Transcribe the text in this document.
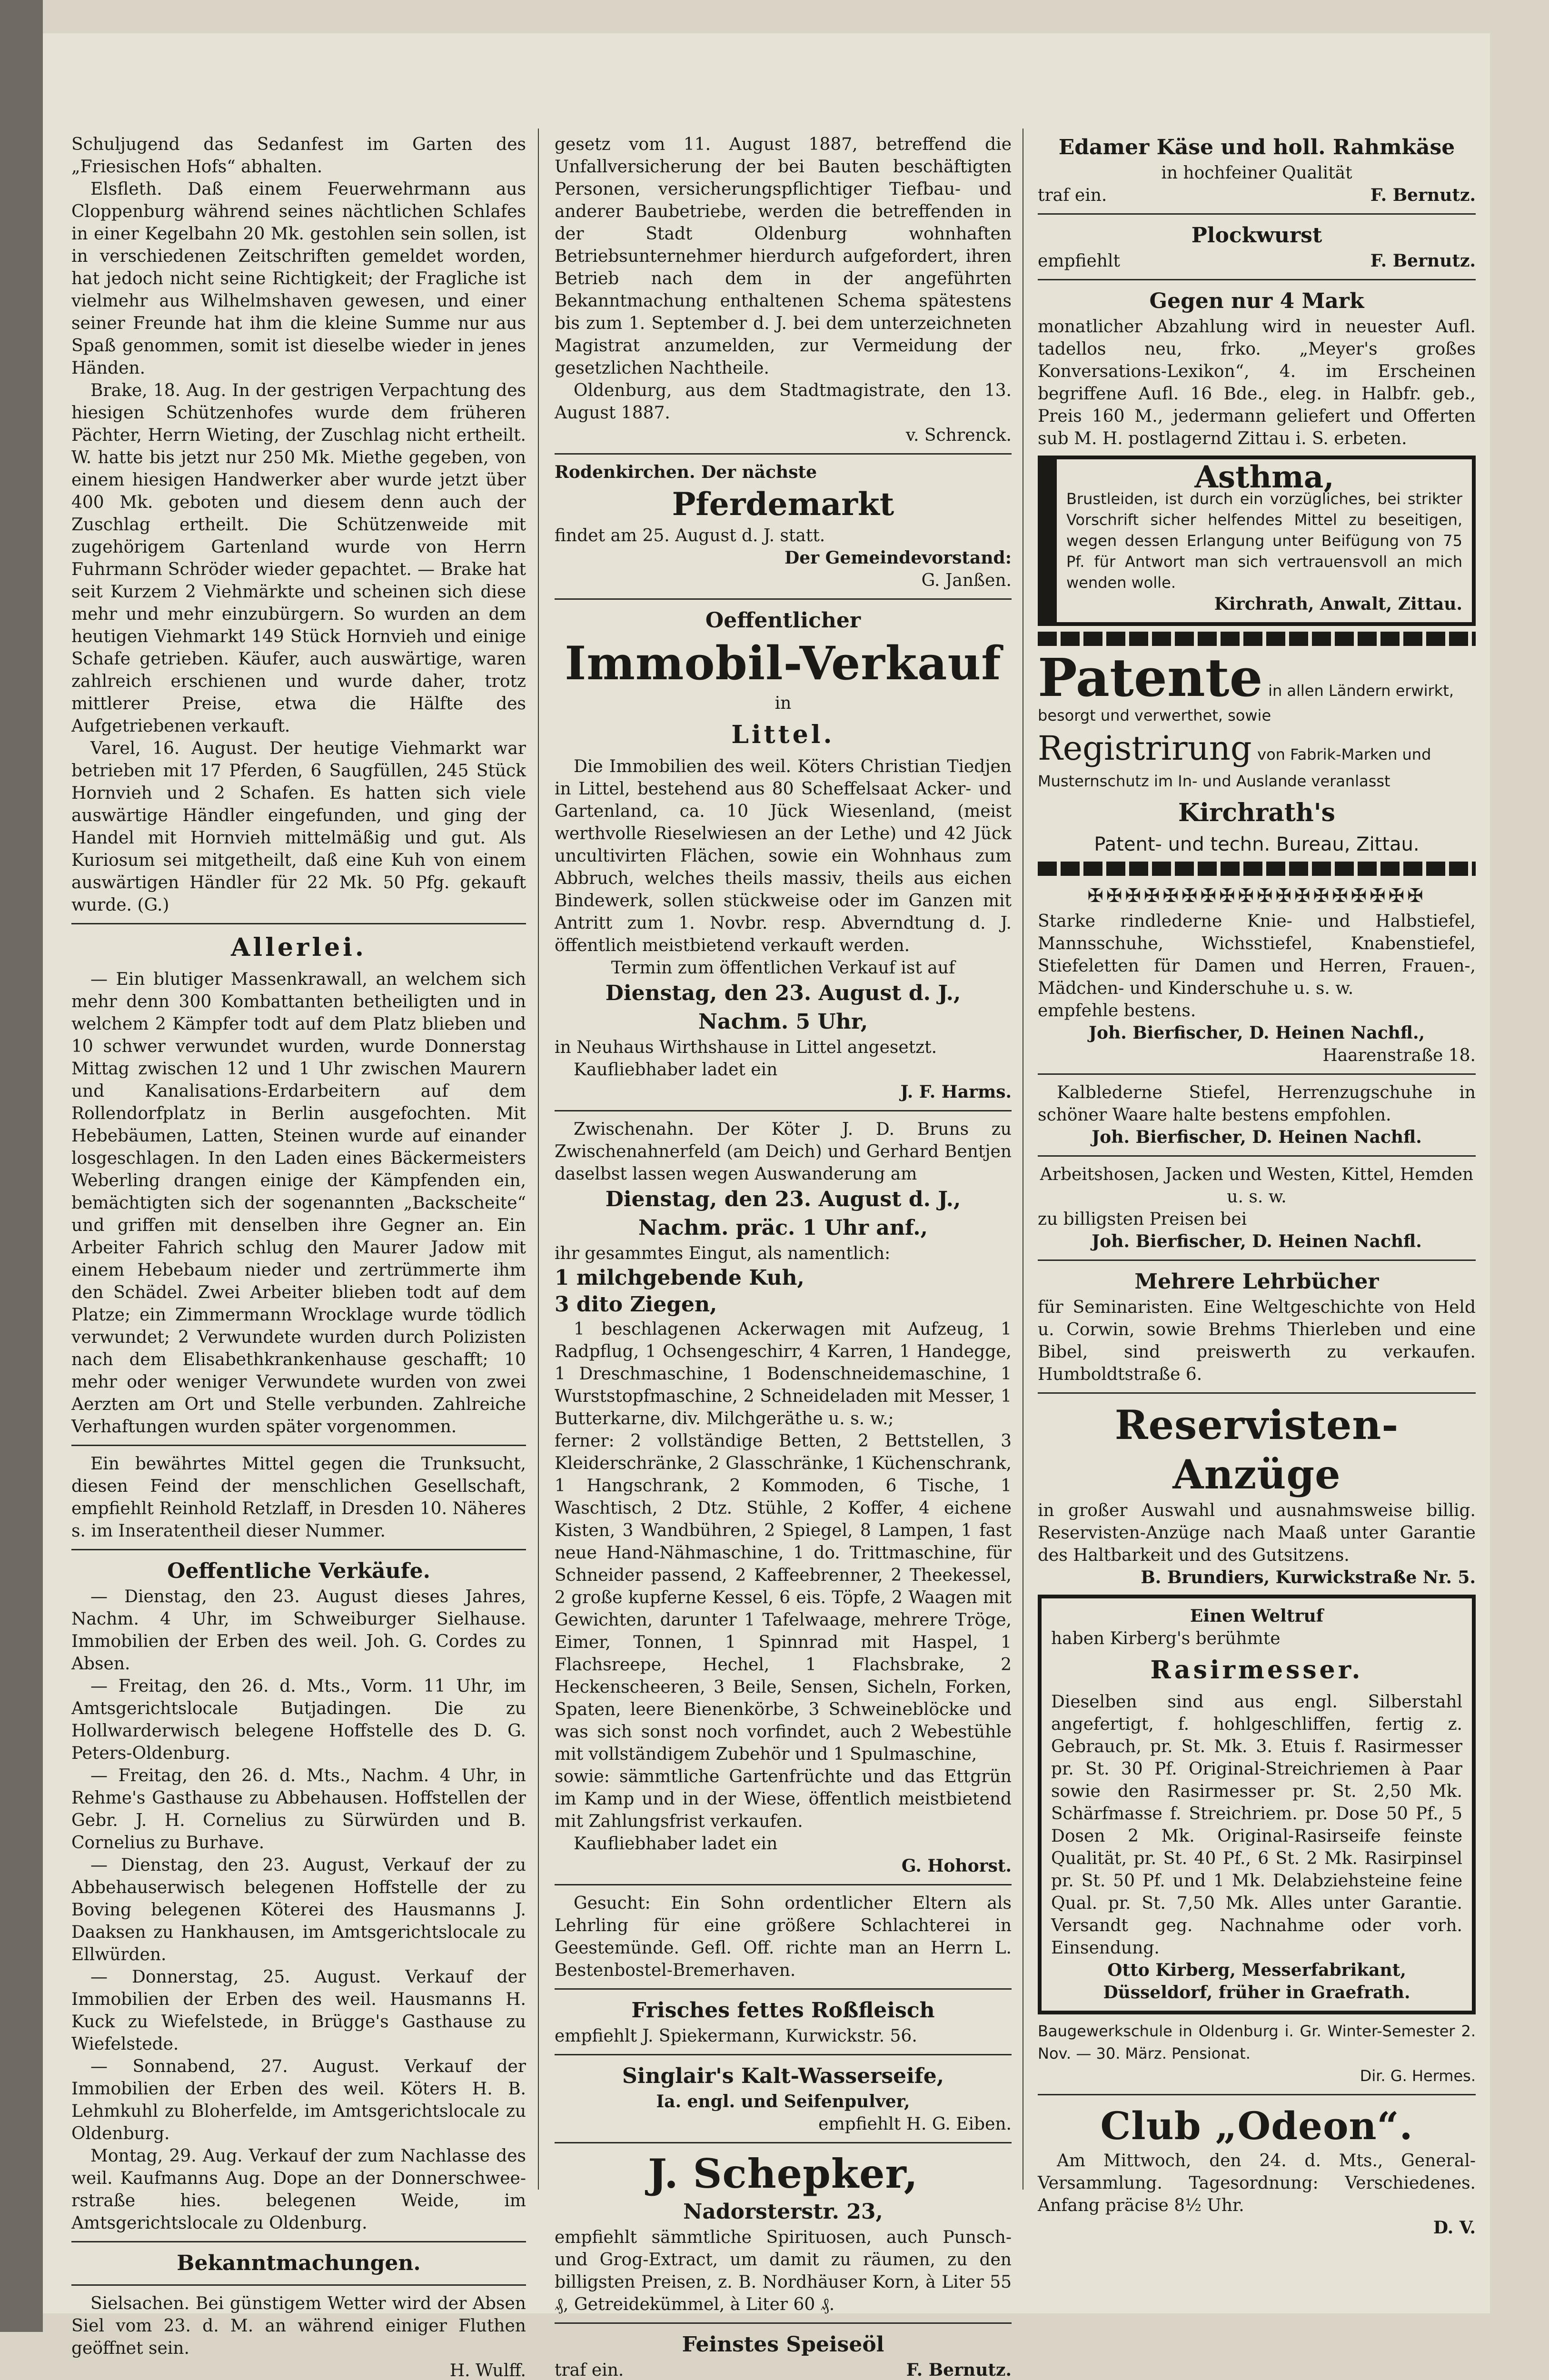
Schuljugend das Sedanfest im Garten des „Friesischen Hofs“ abhalten.

Elsfleth. Daß einem Feuerwehrmann aus Cloppenburg während seines nächtlichen Schlafes in einer Kegelbahn 20 Mk. gestohlen sein sollen, ist in verschiedenen Zeitschriften gemeldet worden, hat jedoch nicht seine Richtigkeit; der Fragliche ist vielmehr aus Wilhelmshaven gewesen, und einer seiner Freunde hat ihm die kleine Summe nur aus Spaß genommen, somit ist dieselbe wieder in jenes Händen.

Brake, 18. Aug. In der gestrigen Verpachtung des hiesigen Schützenhofes wurde dem früheren Pächter, Herrn Wieting, der Zuschlag nicht ertheilt. W. hatte bis jetzt nur 250 Mk. Miethe gegeben, von einem hiesigen Handwerker aber wurde jetzt über 400 Mk. geboten und diesem denn auch der Zuschlag ertheilt. Die Schützenweide mit zugehörigem Gartenland wurde von Herrn Fuhrmann Schröder wieder gepachtet. — Brake hat seit Kurzem 2 Viehmärkte und scheinen sich diese mehr und mehr einzubürgern. So wurden an dem heutigen Viehmarkt 149 Stück Hornvieh und einige Schafe getrieben. Käufer, auch auswärtige, waren zahlreich erschienen und wurde daher, trotz mittlerer Preise, etwa die Hälfte des Aufgetriebenen verkauft.

Varel, 16. August. Der heutige Viehmarkt war betrieben mit 17 Pferden, 6 Saugfüllen, 245 Stück Hornvieh und 2 Schafen. Es hatten sich viele auswärtige Händler eingefunden, und ging der Handel mit Hornvieh mittelmäßig und gut. Als Kuriosum sei mitgetheilt, daß eine Kuh von einem auswärtigen Händler für 22 Mk. 50 Pfg. gekauft wurde. (G.)

Allerlei.

— Ein blutiger Massenkrawall, an welchem sich mehr denn 300 Kombattanten betheiligten und in welchem 2 Kämpfer todt auf dem Platz blieben und 10 schwer verwundet wurden, wurde Donnerstag Mittag zwischen 12 und 1 Uhr zwischen Maurern und Kanalisations-Erdarbeitern auf dem Rollendorfplatz in Berlin ausgefochten. Mit Hebebäumen, Latten, Steinen wurde auf einander losgeschlagen. In den Laden eines Bäckermeisters Weberling drangen einige der Kämpfenden ein, bemächtigten sich der sogenannten „Backscheite“ und griffen mit denselben ihre Gegner an. Ein Arbeiter Fahrich schlug den Maurer Jadow mit einem Hebebaum nieder und zertrümmerte ihm den Schädel. Zwei Arbeiter blieben todt auf dem Platze; ein Zimmermann Wrocklage wurde tödlich verwundet; 2 Verwundete wurden durch Polizisten nach dem Elisabethkrankenhause geschafft; 10 mehr oder weniger Verwundete wurden von zwei Aerzten am Ort und Stelle verbunden. Zahlreiche Verhaftungen wurden später vorgenommen.

Ein bewährtes Mittel gegen die Trunksucht, diesen Feind der menschlichen Gesellschaft, empfiehlt Reinhold Retzlaff, in Dresden 10. Näheres s. im Inseratentheil dieser Nummer.

Oeffentliche Verkäufe.

— Dienstag, den 23. August dieses Jahres, Nachm. 4 Uhr, im Schweiburger Sielhause. Immobilien der Erben des weil. Joh. G. Cordes zu Absen.

— Freitag, den 26. d. Mts., Vorm. 11 Uhr, im Amtsgerichtslocale Butjadingen. Die zu Hollwarderwisch belegene Hoffstelle des D. G. Peters-Oldenburg.

— Freitag, den 26. d. Mts., Nachm. 4 Uhr, in Rehme's Gasthause zu Abbehausen. Hoffstellen der Gebr. J. H. Cornelius zu Sürwürden und B. Cornelius zu Burhave.

— Dienstag, den 23. August, Verkauf der zu Abbehauserwisch belegenen Hoffstelle der zu Boving belegenen Köterei des Hausmanns J. Daaksen zu Hankhausen, im Amtsgerichtslocale zu Ellwürden.

— Donnerstag, 25. August. Verkauf der Immobilien der Erben des weil. Hausmanns H. Kuck zu Wiefelstede, in Brügge's Gasthause zu Wiefelstede.

— Sonnabend, 27. August. Verkauf der Immobilien der Erben des weil. Köters H. B. Lehmkuhl zu Bloherfelde, im Amtsgerichtslocale zu Oldenburg.

Montag, 29. Aug. Verkauf der zum Nachlasse des weil. Kaufmanns Aug. Dope an der Donnerschweerstraße hies. belegenen Weide, im Amtsgerichtslocale zu Oldenburg.

Bekanntmachungen.

Sielsachen. Bei günstigem Wetter wird der Absen Siel vom 23. d. M. an während einiger Fluthen geöffnet sein.

H. Wulff.

gesetz vom 11. August 1887, betreffend die Unfallversicherung der bei Bauten beschäftigten Personen, versicherungspflichtiger Tiefbau- und anderer Baubetriebe, werden die betreffenden in der Stadt Oldenburg wohnhaften Betriebsunternehmer hierdurch aufgefordert, ihren Betrieb nach dem in der angeführten Bekanntmachung enthaltenen Schema spätestens bis zum 1. September d. J. bei dem unterzeichneten Magistrat anzumelden, zur Vermeidung der gesetzlichen Nachtheile.

Oldenburg, aus dem Stadtmagistrate, den 13. August 1887.

v. Schrenck.

Rodenkirchen. Der nächste

Pferdemarkt

findet am 25. August d. J. statt.

Der Gemeindevorstand:

G. Janßen.

Oeffentlicher
Immobil-Verkauf

in

Littel.

Die Immobilien des weil. Köters Christian Tiedjen in Littel, bestehend aus 80 Scheffelsaat Acker- und Gartenland, ca. 10 Jück Wiesenland, (meist werthvolle Rieselwiesen an der Lethe) und 42 Jück uncultivirten Flächen, sowie ein Wohnhaus zum Abbruch, welches theils massiv, theils aus eichen Bindewerk, sollen stückweise oder im Ganzen mit Antritt zum 1. Novbr. resp. Abverndtung d. J. öffentlich meistbietend verkauft werden.

Termin zum öffentlichen Verkauf ist auf

Dienstag, den 23. August d. J.,
Nachm. 5 Uhr,

in Neuhaus Wirthshause in Littel angesetzt.

Kaufliebhaber ladet ein

J. F. Harms.

Zwischenahn. Der Köter J. D. Bruns zu Zwischenahnerfeld (am Deich) und Gerhard Bentjen daselbst lassen wegen Auswanderung am

Dienstag, den 23. August d. J.,
Nachm. präc. 1 Uhr anf.,

ihr gesammtes Eingut, als namentlich:

1 milchgebende Kuh,

3 dito Ziegen,

1 beschlagenen Ackerwagen mit Aufzeug, 1 Radpflug, 1 Ochsengeschirr, 4 Karren, 1 Handegge, 1 Dreschmaschine, 1 Bodenschneidemaschine, 1 Wurststopfmaschine, 2 Schneideladen mit Messer, 1 Butterkarne, div. Milchgeräthe u. s. w.;

ferner: 2 vollständige Betten, 2 Bettstellen, 3 Kleiderschränke, 2 Glasschränke, 1 Küchenschrank, 1 Hangschrank, 2 Kommoden, 6 Tische, 1 Waschtisch, 2 Dtz. Stühle, 2 Koffer, 4 eichene Kisten, 3 Wandbühren, 2 Spiegel, 8 Lampen, 1 fast neue Hand-Nähmaschine, 1 do. Trittmaschine, für Schneider passend, 2 Kaffeebrenner, 2 Theekessel, 2 große kupferne Kessel, 6 eis. Töpfe, 2 Waagen mit Gewichten, darunter 1 Tafelwaage, mehrere Tröge, Eimer, Tonnen, 1 Spinnrad mit Haspel, 1 Flachsreepe, Hechel, 1 Flachsbrake, 2 Heckenscheeren, 3 Beile, Sensen, Sicheln, Forken, Spaten, leere Bienenkörbe, 3 Schweineblöcke und was sich sonst noch vorfindet, auch 2 Webestühle mit vollständigem Zubehör und 1 Spulmaschine,

sowie: sämmtliche Gartenfrüchte und das Ettgrün im Kamp und in der Wiese, öffentlich meistbietend mit Zahlungsfrist verkaufen.

Kaufliebhaber ladet ein

G. Hohorst.

Gesucht: Ein Sohn ordentlicher Eltern als Lehrling für eine größere Schlachterei in Geestemünde. Gefl. Off. richte man an Herrn L. Bestenbostel-Bremerhaven.

Frisches fettes Roßfleisch

empfiehlt J. Spiekermann, Kurwickstr. 56.

Singlair's Kalt-Wasserseife,

Ia. engl. und Seifenpulver,

empfiehlt H. G. Eiben.

J. Schepker,
Nadorsterstr. 23,

empfiehlt sämmtliche Spirituosen, auch Punsch- und Grog-Extract, um damit zu räumen, zu den billigsten Preisen, z. B. Nordhäuser Korn, à Liter 55 ₰, Getreidekümmel, à Liter 60 ₰.

Feinstes Speiseöl

traf ein.	F. Bernutz.

Edamer Käse und holl. Rahmkäse

in hochfeiner Qualität

traf ein.	F. Bernutz.

Plockwurst

empfiehlt	F. Bernutz.

Gegen nur 4 Mark

monatlicher Abzahlung wird in neuester Aufl. tadellos neu, frko. „Meyer's großes Konversations-Lexikon“, 4. im Erscheinen begriffene Aufl. 16 Bde., eleg. in Halbfr. geb., Preis 160 M., jedermann geliefert und Offerten sub M. H. postlagernd Zittau i. S. erbeten.

Asthma,

Brustleiden, ist durch ein vorzügliches, bei strikter Vorschrift sicher helfendes Mittel zu beseitigen, wegen dessen Erlangung unter Beifügung von 75 Pf. für Antwort man sich vertrauensvoll an mich wenden wolle.

Kirchrath, Anwalt, Zittau.

Patente in allen Ländern erwirkt, besorgt und verwerthet, sowie
Registrirung von Fabrik-Marken und Musternschutz im In- und Auslande veranlasst
Kirchrath's

Patent- und techn. Bureau, Zittau.

✠✠✠✠✠✠✠✠✠✠✠✠✠✠✠✠✠✠

Starke rindlederne Knie- und Halbstiefel, Mannsschuhe, Wichsstiefel, Knabenstiefel, Stiefeletten für Damen und Herren, Frauen-, Mädchen- und Kinderschuhe u. s. w.

empfehle bestens.

Joh. Bierfischer, D. Heinen Nachfl.,

Haarenstraße 18.

Kalblederne Stiefel, Herrenzugschuhe in schöner Waare halte bestens empfohlen.

Joh. Bierfischer, D. Heinen Nachfl.

Arbeitshosen, Jacken und Westen, Kittel, Hemden u. s. w.

zu billigsten Preisen bei

Joh. Bierfischer, D. Heinen Nachfl.

Mehrere Lehrbücher

für Seminaristen. Eine Weltgeschichte von Held u. Corwin, sowie Brehms Thierleben und eine Bibel, sind preiswerth zu verkaufen. Humboldtstraße 6.

Reservisten-Anzüge

in großer Auswahl und ausnahmsweise billig. Reservisten-Anzüge nach Maaß unter Garantie des Haltbarkeit und des Gutsitzens.

B. Brundiers, Kurwickstraße Nr. 5.

Einen Weltruf

haben Kirberg's berühmte

Rasirmesser.

Dieselben sind aus engl. Silberstahl angefertigt, f. hohlgeschliffen, fertig z. Gebrauch, pr. St. Mk. 3. Etuis f. Rasirmesser pr. St. 30 Pf. Original-Streichriemen à Paar sowie den Rasirmesser pr. St. 2,50 Mk. Schärfmasse f. Streichriem. pr. Dose 50 Pf., 5 Dosen 2 Mk. Original-Rasirseife feinste Qualität, pr. St. 40 Pf., 6 St. 2 Mk. Rasirpinsel pr. St. 50 Pf. und 1 Mk. Delabziehsteine feine Qual. pr. St. 7,50 Mk. Alles unter Garantie. Versandt geg. Nachnahme oder vorh. Einsendung.

Otto Kirberg, Messerfabrikant,

Düsseldorf, früher in Graefrath.

Baugewerkschule in Oldenburg i. Gr. Winter-Semester 2. Nov. — 30. März. Pensionat.

Dir. G. Hermes.

Club „Odeon“.

Am Mittwoch, den 24. d. Mts., General-Versammlung. Tagesordnung: Verschiedenes. Anfang präcise 8½ Uhr.

D. V.
